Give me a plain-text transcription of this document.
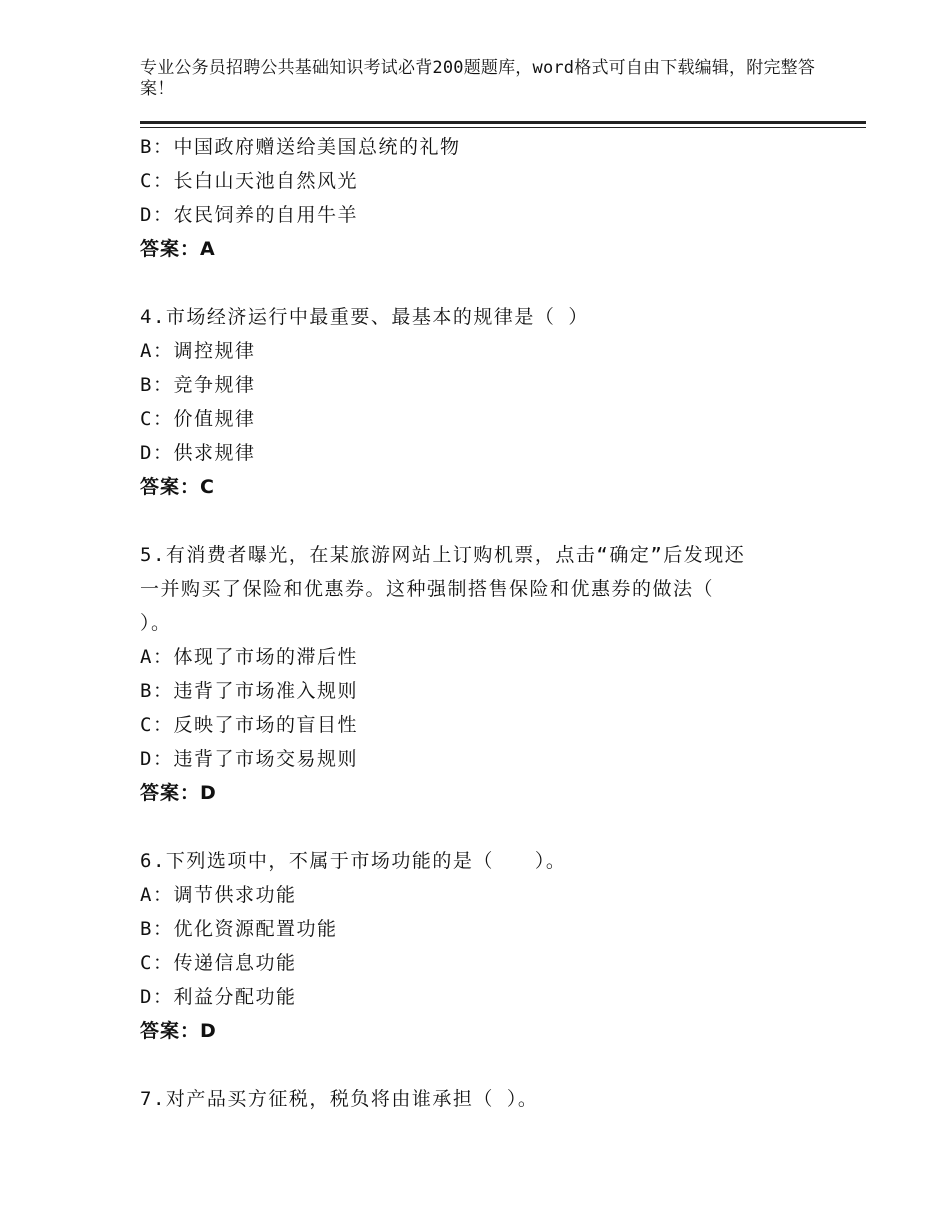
专业公务员招聘公共基础知识考试必背200题题库，word格式可自由下载编辑，附完整答案！
B：中国政府赠送给美国总统的礼物
C：长白山天池自然风光
D：农民饲养的自用牛羊
答案：A
4.市场经济运行中最重要、最基本的规律是（ ）
A：调控规律
B：竞争规律
C：价值规律
D：供求规律
答案：C
5.有消费者曝光，在某旅游网站上订购机票，点击“确定”后发现还
一并购买了保险和优惠券。这种强制搭售保险和优惠券的做法（
）。
A：体现了市场的滞后性
B：违背了市场准入规则
C：反映了市场的盲目性
D：违背了市场交易规则
答案：D
6.下列选项中，不属于市场功能的是（　　）。
A：调节供求功能
B：优化资源配置功能
C：传递信息功能
D：利益分配功能
答案：D
7.对产品买方征税，税负将由谁承担（ ）。
